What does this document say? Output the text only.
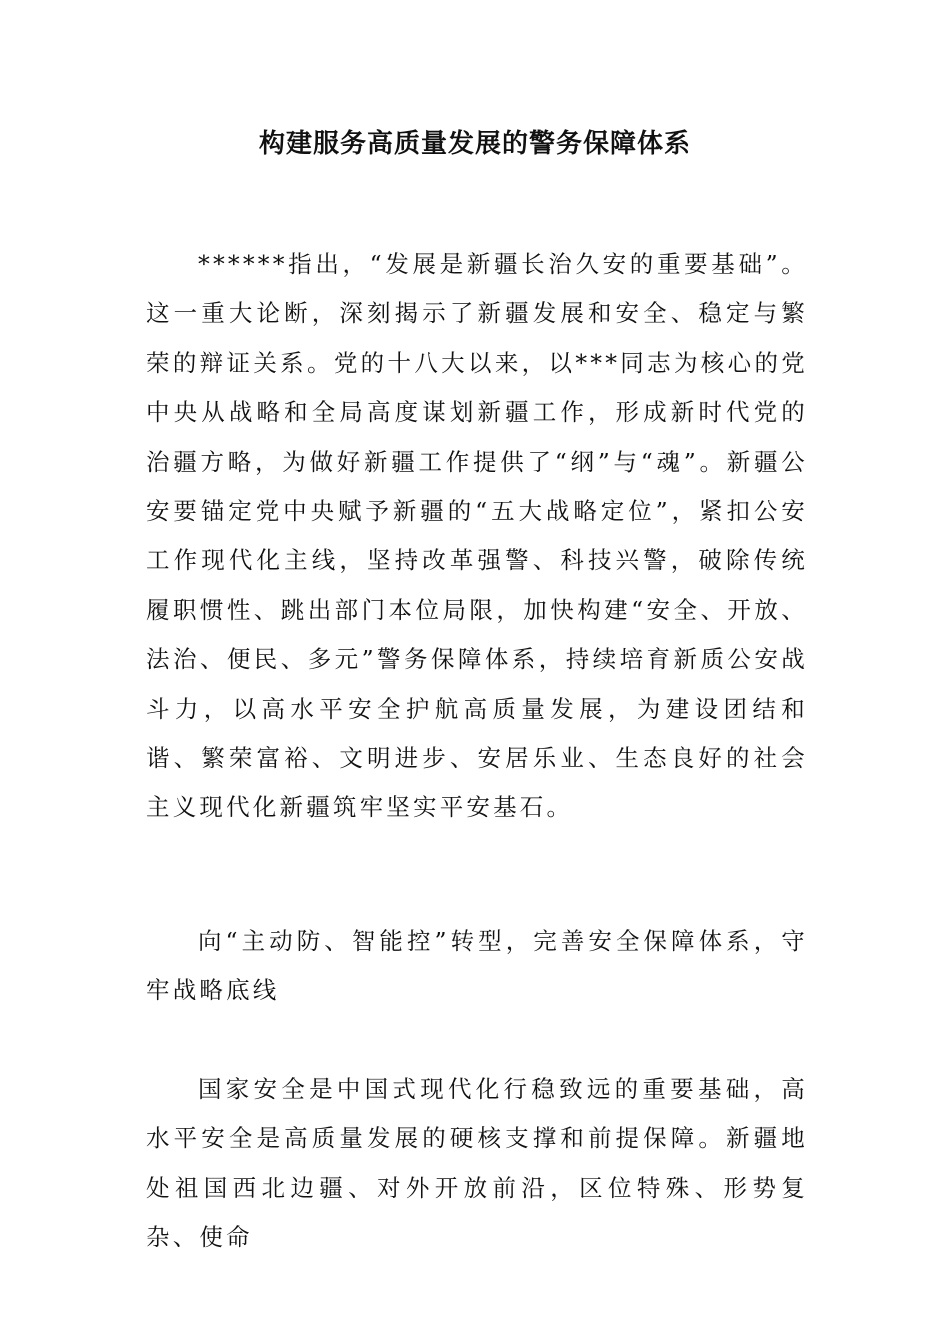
构建服务高质量发展的警务保障体系

******指出，“发展是新疆长治久安的重要基础”。这一重大论断，深刻揭示了新疆发展和安全、稳定与繁荣的辩证关系。党的十八大以来，以***同志为核心的党中央从战略和全局高度谋划新疆工作，形成新时代党的治疆方略，为做好新疆工作提供了“纲”与“魂”。新疆公安要锚定党中央赋予新疆的“五大战略定位”，紧扣公安工作现代化主线，坚持改革强警、科技兴警，破除传统履职惯性、跳出部门本位局限，加快构建“安全、开放、法治、便民、多元”警务保障体系，持续培育新质公安战斗力，以高水平安全护航高质量发展，为建设团结和谐、繁荣富裕、文明进步、安居乐业、生态良好的社会主义现代化新疆筑牢坚实平安基石。

向“主动防、智能控”转型，完善安全保障体系，守牢战略底线

国家安全是中国式现代化行稳致远的重要基础，高水平安全是高质量发展的硬核支撑和前提保障。新疆地处祖国西北边疆、对外开放前沿，区位特殊、形势复杂、使命
